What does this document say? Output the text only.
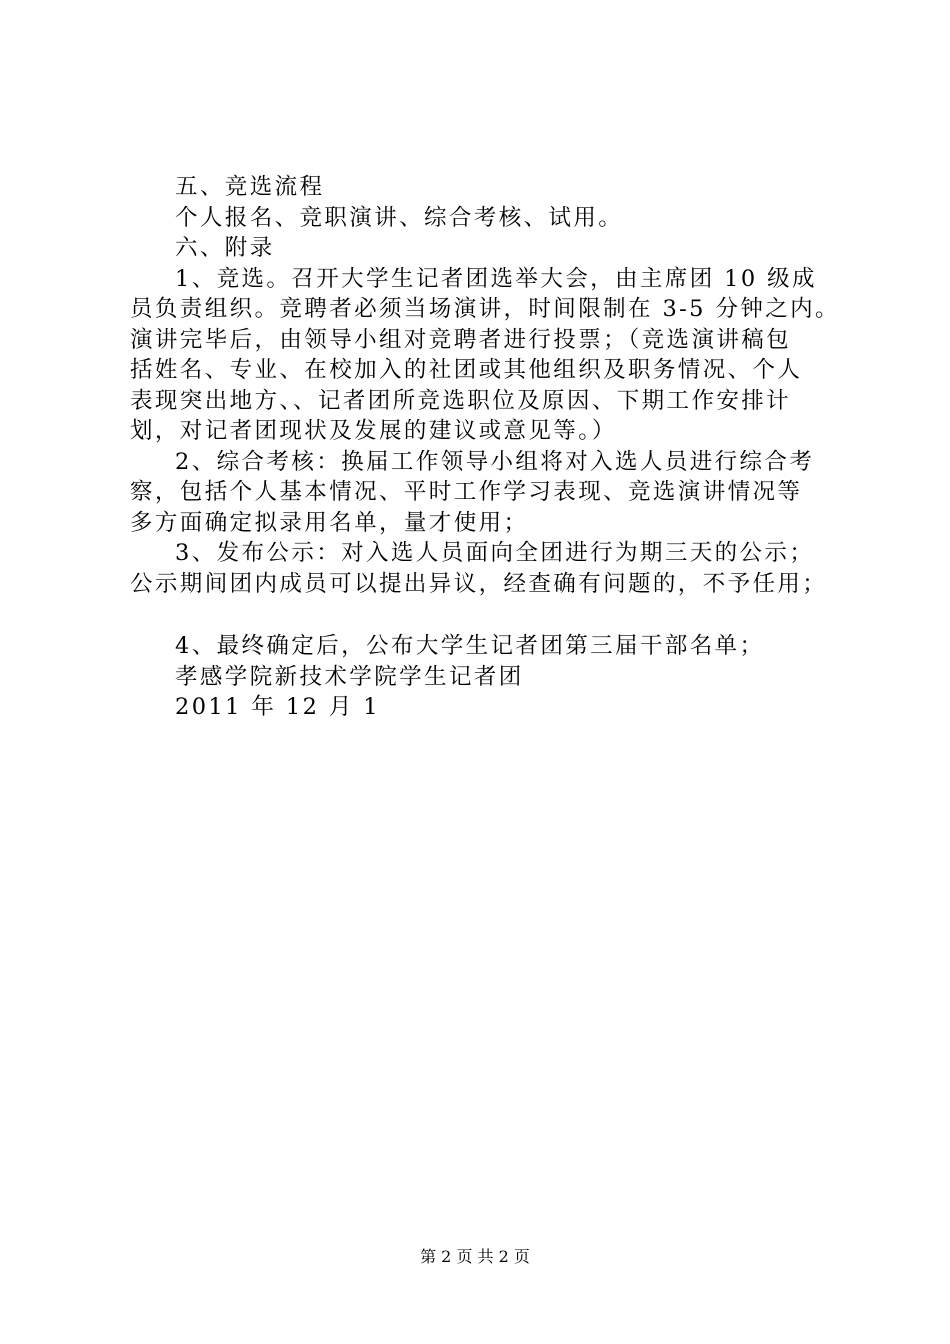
五、竞选流程
个人报名、竞职演讲、综合考核、试用。
六、附录
1、竞选。召开大学生记者团选举大会，由主席团 10 级成
员负责组织。竞聘者必须当场演讲，时间限制在 3-5 分钟之内。
演讲完毕后，由领导小组对竞聘者进行投票；（竞选演讲稿包
括姓名、专业、在校加入的社团或其他组织及职务情况、个人
表现突出地方、、记者团所竞选职位及原因、下期工作安排计
划，对记者团现状及发展的建议或意见等。）
2、综合考核：换届工作领导小组将对入选人员进行综合考
察，包括个人基本情况、平时工作学习表现、竞选演讲情况等
多方面确定拟录用名单，量才使用；
3、发布公示：对入选人员面向全团进行为期三天的公示；
公示期间团内成员可以提出异议，经查确有问题的，不予任用；
4、最终确定后，公布大学生记者团第三届干部名单；
孝感学院新技术学院学生记者团
2011 年 12 月 1
第 2 页 共 2 页
